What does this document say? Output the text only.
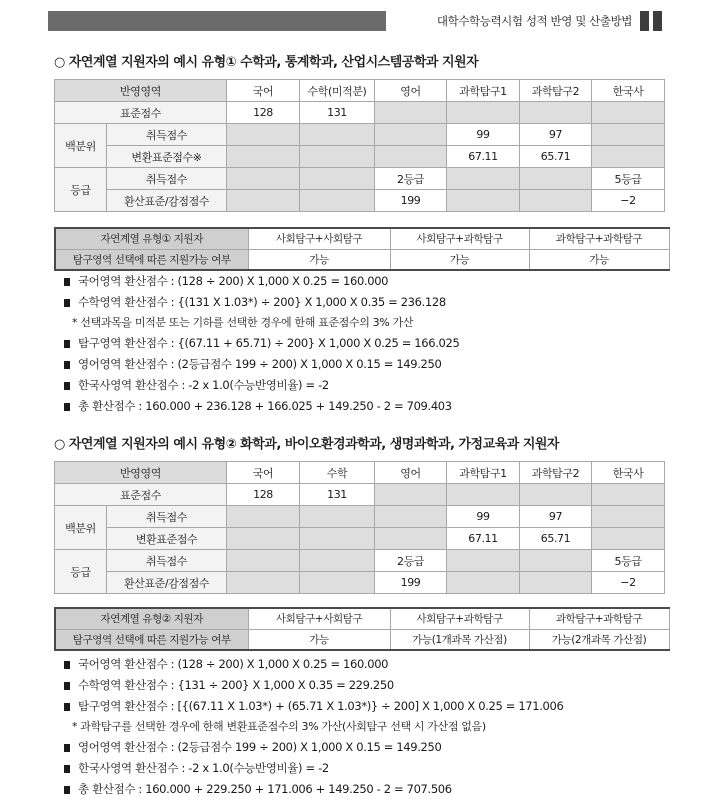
대학수학능력시험 성적 반영 및 산출방법
○ 자연계열 지원자의 예시 유형① 수학과, 통계학과, 산업시스템공학과 지원자
반영영역		국어	수학(미적분)	영어	과학탐구1	과학탐구2	한국사
표준점수		128	131				
백분위	취득점수				99	97	
	변환표준점수※				67.11	65.71	
등급	취득점수			2등급			5등급
	환산표준/감점점수			199			−2
자연계열 유형① 지원자	사회탐구+사회탐구	사회탐구+과학탐구	과학탐구+과학탐구
탐구영역 선택에 따른 지원가능 여부	가능	가능	가능
국어영역 환산점수 : (128 ÷ 200) X 1,000 X 0.25 = 160.000
수학영역 환산점수 : {(131 X 1.03*) ÷ 200} X 1,000 X 0.35 = 236.128
* 선택과목을 미적분 또는 기하를 선택한 경우에 한해 표준점수의 3% 가산
탐구영역 환산점수 : {(67.11 + 65.71) ÷ 200} X 1,000 X 0.25 = 166.025
영어영역 환산점수 : (2등급점수 199 ÷ 200) X 1,000 X 0.15 = 149.250
한국사영역 환산점수 : -2 x 1.0(수능반영비율) = -2
총 환산점수 : 160.000 + 236.128 + 166.025 + 149.250 - 2 = 709.403
○ 자연계열 지원자의 예시 유형② 화학과, 바이오환경과학과, 생명과학과, 가정교육과 지원자
반영영역		국어	수학	영어	과학탐구1	과학탐구2	한국사
표준점수		128	131				
백분위	취득점수				99	97	
	변환표준점수				67.11	65.71	
등급	취득점수			2등급			5등급
	환산표준/감점점수			199			−2
자연계열 유형② 지원자	사회탐구+사회탐구	사회탐구+과학탐구	과학탐구+과학탐구
탐구영역 선택에 따른 지원가능 여부	가능	가능(1개과목 가산점)	가능(2개과목 가산점)
국어영역 환산점수 : (128 ÷ 200) X 1,000 X 0.25 = 160.000
수학영역 환산점수 : {131 ÷ 200} X 1,000 X 0.35 = 229.250
탐구영역 환산점수 : [{(67.11 X 1.03*) + (65.71 X 1.03*)} ÷ 200] X 1,000 X 0.25 = 171.006
* 과학탐구를 선택한 경우에 한해 변환표준점수의 3% 가산(사회탐구 선택 시 가산점 없음)
영어영역 환산점수 : (2등급점수 199 ÷ 200) X 1,000 X 0.15 = 149.250
한국사영역 환산점수 : -2 x 1.0(수능반영비율) = -2
총 환산점수 : 160.000 + 229.250 + 171.006 + 149.250 - 2 = 707.506
